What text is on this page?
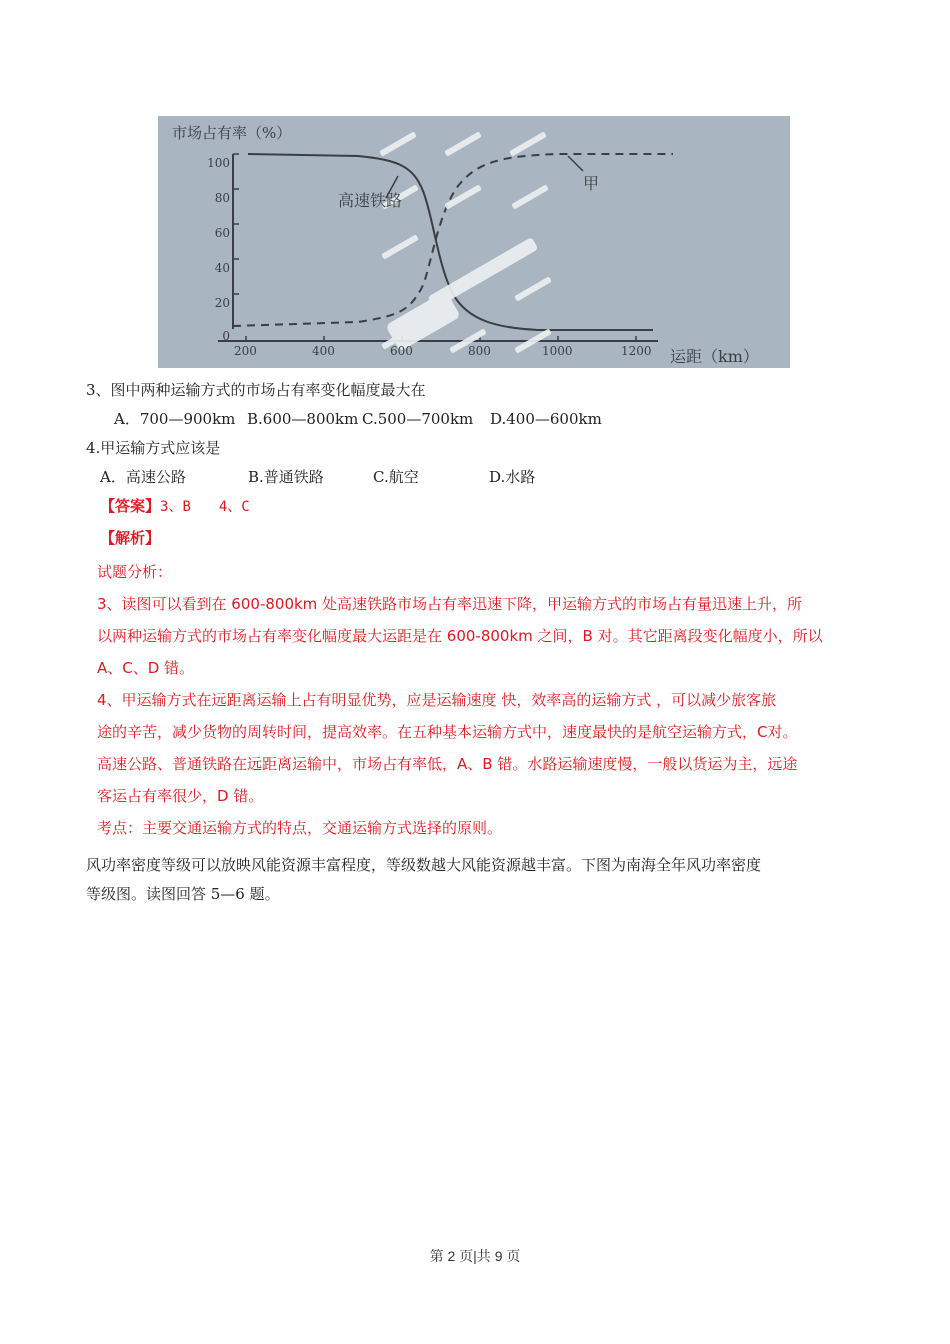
市场占有率（%）
100
80
60
40
20
0
200	400	600	800	1000	1200 运距（km）
高速铁路
甲
3、图中两种运输方式的市场占有率变化幅度最大在
A．700—900km B.600—800km C.500—700km D.400—600km
4.甲运输方式应该是
A．高速公路	B.普通铁路	C.航空	D.水路
【答案】3、B　　4、C
【解析】
试题分析：
3、读图可以看到在 600-800km 处高速铁路市场占有率迅速下降，甲运输方式的市场占有量迅速上升，所
以两种运输方式的市场占有率变化幅度最大运距是在 600-800km 之间，B 对。其它距离段变化幅度小，所以
A、C、D 错。
4、甲运输方式在远距离运输上占有明显优势，应是运输速度 快，效率高的运输方式 ，可以减少旅客旅
途的辛苦，减少货物的周转时间，提高效率。在五种基本运输方式中，速度最快的是航空运输方式，C对。
高速公路、普通铁路在远距离运输中，市场占有率低，A、B 错。水路运输速度慢，一般以货运为主，远途
客运占有率很少，D 错。
考点：主要交通运输方式的特点，交通运输方式选择的原则。
风功率密度等级可以放映风能资源丰富程度，等级数越大风能资源越丰富。下图为南海全年风功率密度
等级图。读图回答 5—6 题。
第 2 页|共 9 页
